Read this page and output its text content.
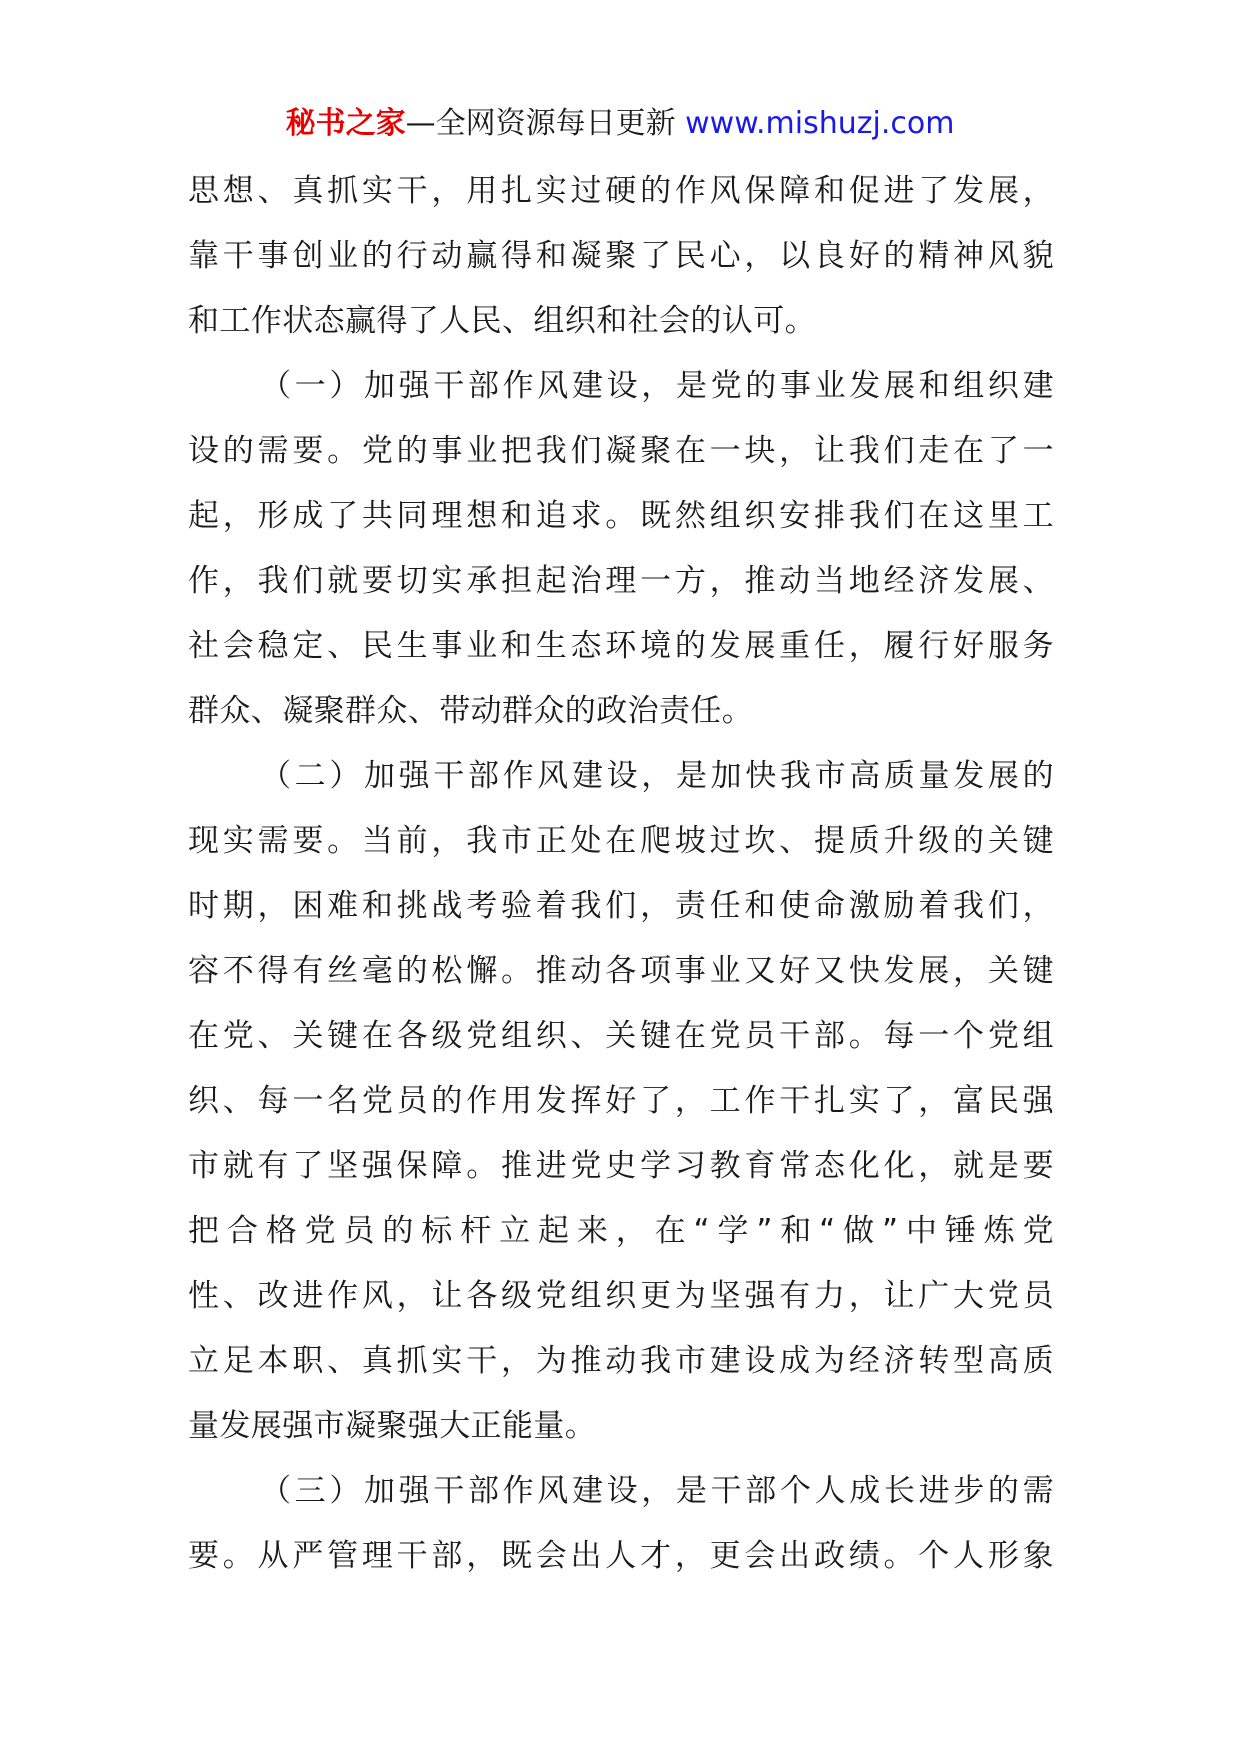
秘书之家—全网资源每日更新 www.mishuzj.com
思想、真抓实干，用扎实过硬的作风保障和促进了发展，
靠干事创业的行动赢得和凝聚了民心，以良好的精神风貌
和工作状态赢得了人民、组织和社会的认可。
（一）加强干部作风建设，是党的事业发展和组织建
设的需要。党的事业把我们凝聚在一块，让我们走在了一
起，形成了共同理想和追求。既然组织安排我们在这里工
作，我们就要切实承担起治理一方，推动当地经济发展、
社会稳定、民生事业和生态环境的发展重任，履行好服务
群众、凝聚群众、带动群众的政治责任。
（二）加强干部作风建设，是加快我市高质量发展的
现实需要。当前，我市正处在爬坡过坎、提质升级的关键
时期，困难和挑战考验着我们，责任和使命激励着我们，
容不得有丝毫的松懈。推动各项事业又好又快发展，关键
在党、关键在各级党组织、关键在党员干部。每一个党组
织、每一名党员的作用发挥好了，工作干扎实了，富民强
市就有了坚强保障。推进党史学习教育常态化化，就是要
把合格党员的标杆立起来，在“学”和“做”中锤炼党
性、改进作风，让各级党组织更为坚强有力，让广大党员
立足本职、真抓实干，为推动我市建设成为经济转型高质
量发展强市凝聚强大正能量。
（三）加强干部作风建设，是干部个人成长进步的需
要。从严管理干部，既会出人才，更会出政绩。个人形象
